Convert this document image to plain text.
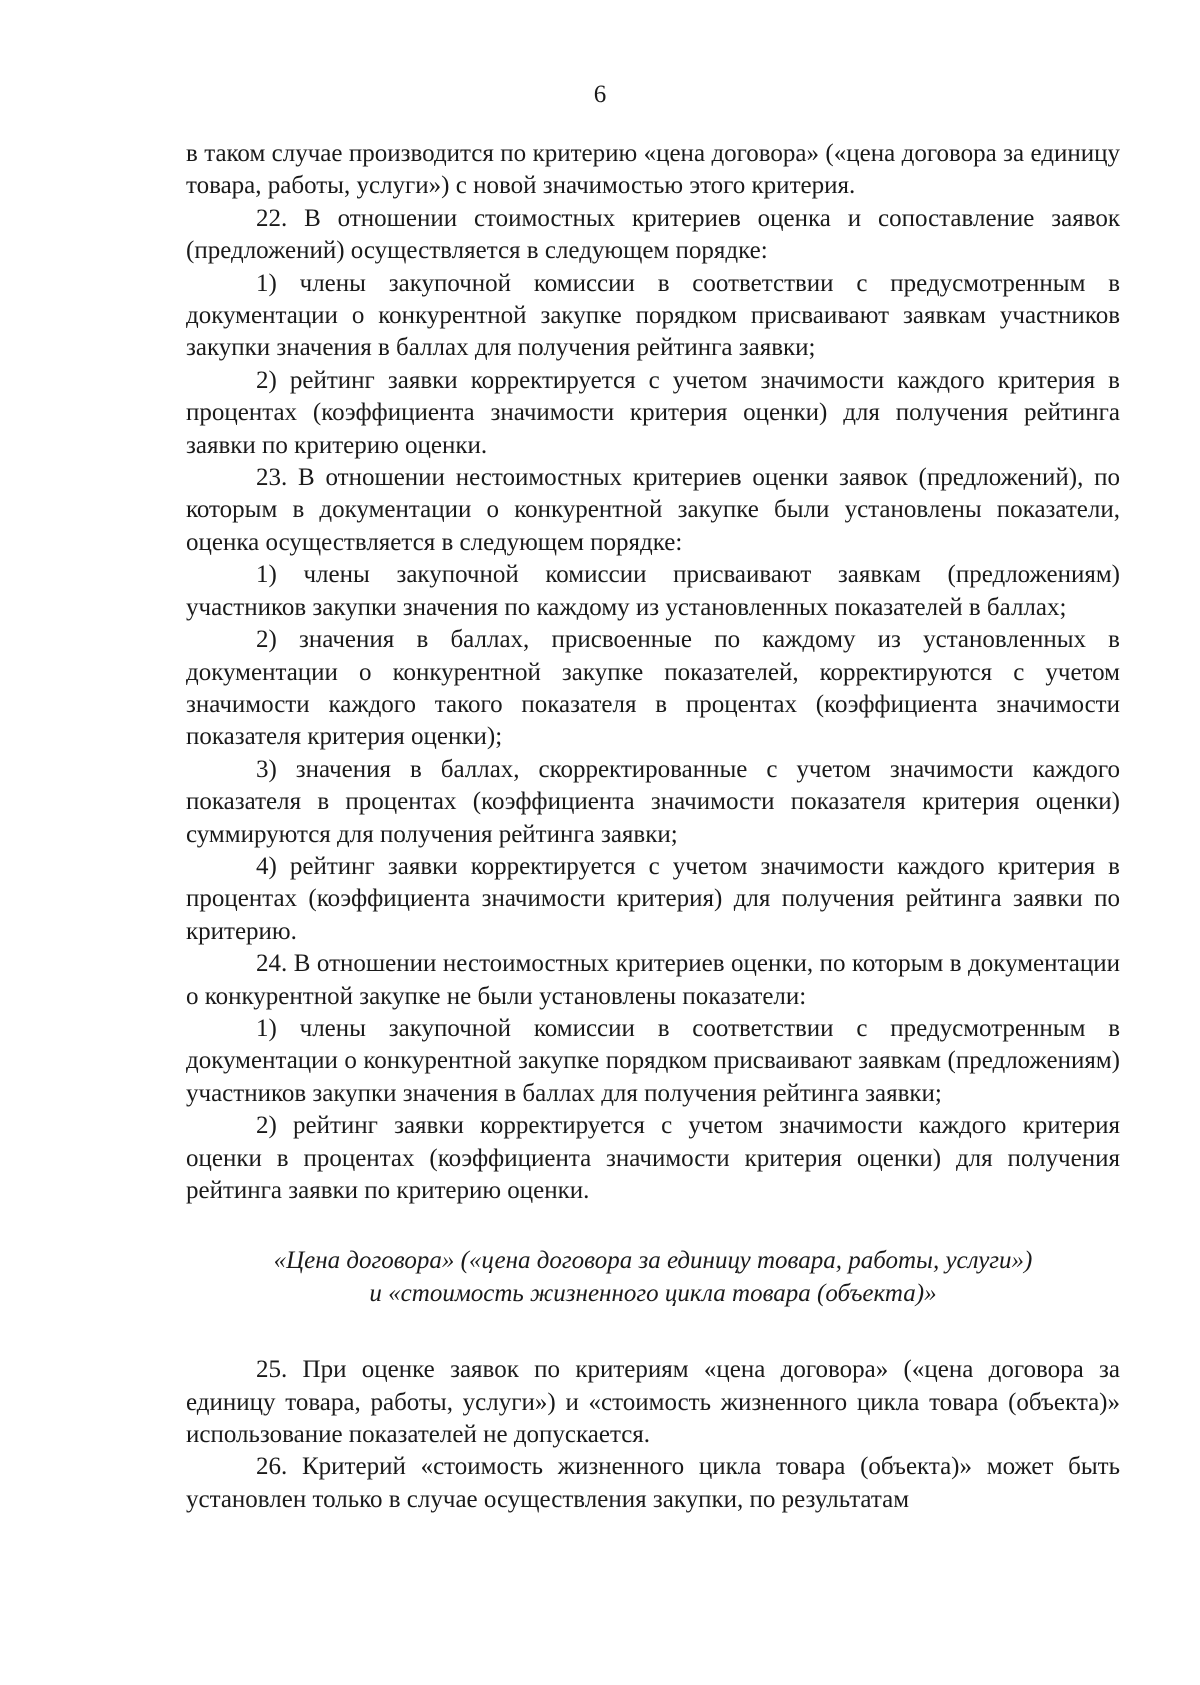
6

в таком случае производится по критерию «цена договора» («цена договора за единицу товара, работы, услуги») с новой значимостью этого критерия.

22. В отношении стоимостных критериев оценка и сопоставление заявок (предложений) осуществляется в следующем порядке:

1) члены закупочной комиссии в соответствии с предусмотренным в документации о конкурентной закупке порядком присваивают заявкам участников закупки значения в баллах для получения рейтинга заявки;

2) рейтинг заявки корректируется с учетом значимости каждого критерия в процентах (коэффициента значимости критерия оценки) для получения рейтинга заявки по критерию оценки.

23. В отношении нестоимостных критериев оценки заявок (предложений), по которым в документации о конкурентной закупке были установлены показатели, оценка осуществляется в следующем порядке:

1) члены закупочной комиссии присваивают заявкам (предложениям) участников закупки значения по каждому из установленных показателей в баллах;

2) значения в баллах, присвоенные по каждому из установленных в документации о конкурентной закупке показателей, корректируются с учетом значимости каждого такого показателя в процентах (коэффициента значимости показателя критерия оценки);

3) значения в баллах, скорректированные с учетом значимости каждого показателя в процентах (коэффициента значимости показателя критерия оценки) суммируются для получения рейтинга заявки;

4) рейтинг заявки корректируется с учетом значимости каждого критерия в процентах (коэффициента значимости критерия) для получения рейтинга заявки по критерию.

24. В отношении нестоимостных критериев оценки, по которым в документации о конкурентной закупке не были установлены показатели:

1) члены закупочной комиссии в соответствии с предусмотренным в документации о конкурентной закупке порядком присваивают заявкам (предложениям) участников закупки значения в баллах для получения рейтинга заявки;

2) рейтинг заявки корректируется с учетом значимости каждого критерия оценки в процентах (коэффициента значимости критерия оценки) для получения рейтинга заявки по критерию оценки.

«Цена договора» («цена договора за единицу товара, работы, услуги»)
и «стоимость жизненного цикла товара (объекта)»

25. При оценке заявок по критериям «цена договора» («цена договора за единицу товара, работы, услуги») и «стоимость жизненного цикла товара (объекта)» использование показателей не допускается.

26. Критерий «стоимость жизненного цикла товара (объекта)» может быть установлен только в случае осуществления закупки, по результатам
